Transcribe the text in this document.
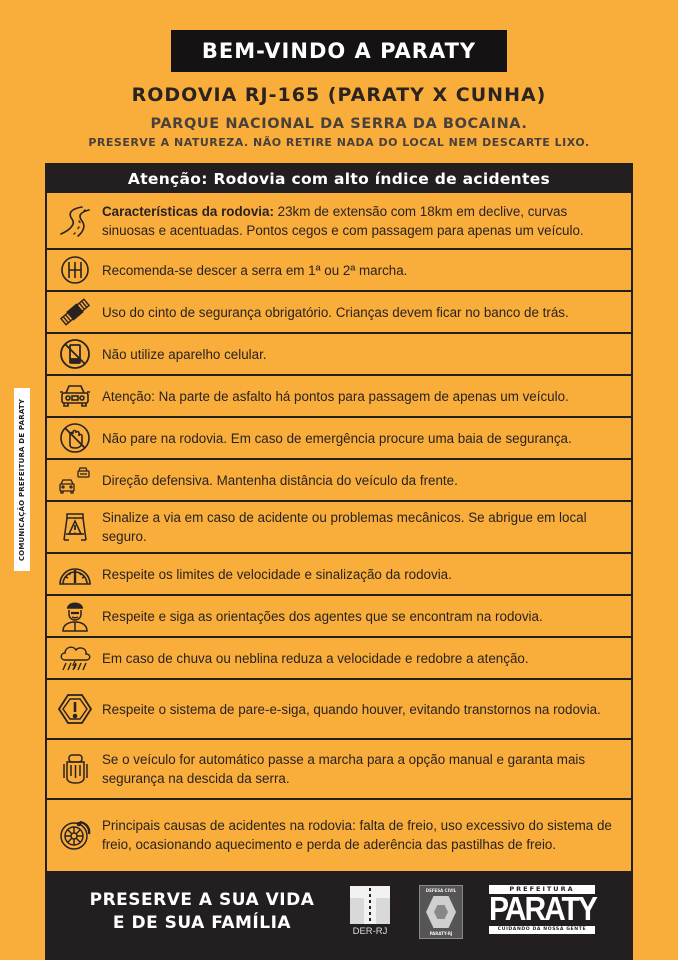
BEM-VINDO A PARATY
RODOVIA RJ-165 (PARATY X CUNHA)
PARQUE NACIONAL DA SERRA DA BOCAINA.
PRESERVE A NATUREZA. NÃO RETIRE NADA DO LOCAL NEM DESCARTE LIXO.
COMUNICAÇÃO PREFEITURA DE PARATY
Atenção: Rodovia com alto índice de acidentes
Características da rodovia: 23km de extensão com 18km em declive, curvas sinuosas e acentuadas. Pontos cegos e com passagem para apenas um veículo.
Recomenda-se descer a serra em 1ª ou 2ª marcha.
Uso do cinto de segurança obrigatório. Crianças devem ficar no banco de trás.
Não utilize aparelho celular.
Atenção: Na parte de asfalto há pontos para passagem de apenas um veículo.
Não pare na rodovia. Em caso de emergência procure uma baia de segurança.
Direção defensiva. Mantenha distância do veículo da frente.
Sinalize a via em caso de acidente ou problemas mecânicos. Se abrigue em local seguro.
Respeite os limites de velocidade e sinalização da rodovia.
Respeite e siga as orientações dos agentes que se encontram na rodovia.
Em caso de chuva ou neblina reduza a velocidade e redobre a atenção.
Respeite o sistema de pare-e-siga, quando houver, evitando transtornos na rodovia.
Se o veículo for automático passe a marcha para a opção manual e garanta mais segurança na descida da serra.
Principais causas de acidentes na rodovia: falta de freio, uso excessivo do sistema de freio, ocasionando aquecimento e perda de aderência das pastilhas de freio.
PRESERVE A SUA VIDA
E DE SUA FAMÍLIA	DER-RJ
DEFESA CIVIL
PARATY-RJ
PREFEITURA
PARATY
CUIDANDO DA NOSSA GENTE
